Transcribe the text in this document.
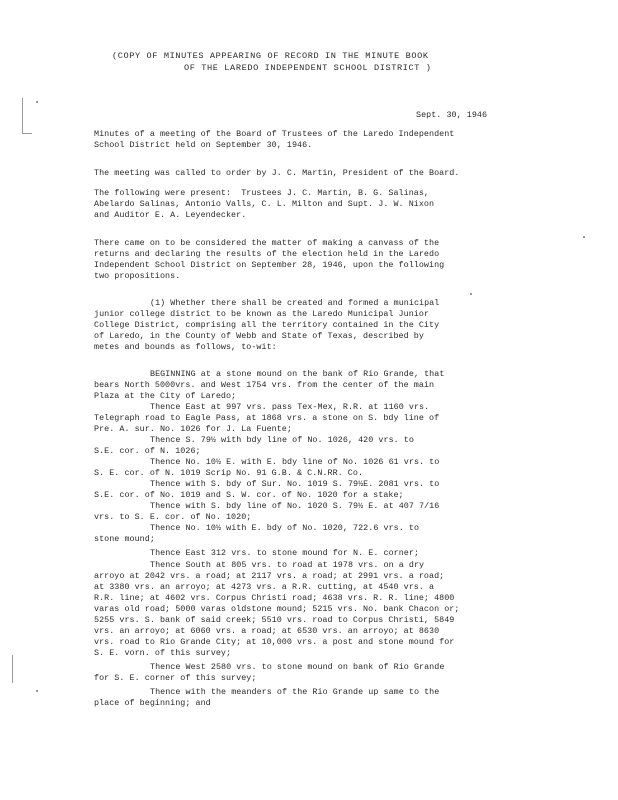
(COPY OF MINUTES APPEARING OF RECORD IN THE MINUTE BOOK
OF THE LAREDO INDEPENDENT SCHOOL DISTRICT )
Sept. 30, 1946
Minutes of a meeting of the Board of Trustees of the Laredo Independent
School District held on September 30, 1946.
The meeting was called to order by J. C. Martin, President of the Board.
The following were present:  Trustees J. C. Martin, B. G. Salinas,
Abelardo Salinas, Antonio Valls, C. L. Milton and Supt. J. W. Nixon
and Auditor E. A. Leyendecker.
There came on to be considered the matter of making a canvass of the
returns and declaring the results of the election held in the Laredo
Independent School District on September 28, 1946, upon the following
two propositions.
(1) Whether there shall be created and formed a municipal
junior college district to be known as the Laredo Municipal Junior
College District, comprising all the territory contained in the City
of Laredo, in the County of Webb and State of Texas, described by
metes and bounds as follows, to-wit:
BEGINNING at a stone mound on the bank of Rio Grande, that
bears North 5000vrs. and West 1754 vrs. from the center of the main
Plaza at the City of Laredo;
Thence East at 997 vrs. pass Tex-Mex, R.R. at 1160 vrs.
Telegraph road to Eagle Pass, at 1868 vrs. a stone on S. bdy line of
Pre. A. sur. No. 1026 for J. La Fuente;
Thence S. 79½ with bdy line of No. 1026, 420 vrs. to
S.E. cor. of N. 1026;
Thence No. 10½ E. with E. bdy line of No. 1026 61 vrs. to
S. E. cor. of N. 1019 Scrip No. 91 G.B. & C.N.RR. Co.
Thence with S. bdy of Sur. No. 1019 S. 79½E. 2081 vrs. to
S.E. cor. of No. 1019 and S. W. cor. of No. 1020 for a stake;
Thence with S. bdy line of No. 1020 S. 79½ E. at 407 7/16
vrs. to S. E. cor. of No. 1020;
Thence No. 10½ with E. bdy of No. 1020, 722.6 vrs. to
stone mound;
Thence East 312 vrs. to stone mound for N. E. corner;
Thence South at 805 vrs. to road at 1978 vrs. on a dry
arroyo at 2042 vrs. a road; at 2117 vrs. a road; at 2991 vrs. a road;
at 3380 vrs. an arroyo; at 4273 vrs. a R.R. cutting, at 4540 vrs. a
R.R. line; at 4602 vrs. Corpus Christi road; 4638 vrs. R. R. line; 4800
varas old road; 5000 varas oldstone mound; 5215 vrs. No. bank Chacon or;
5255 vrs. S. bank of said creek; 5510 vrs. road to Corpus Christi, 5849
vrs. an arroyo; at 6060 vrs. a road; at 6530 vrs. an arroyo; at 8630
vrs. road to Rio Grande City; at 10,000 vrs. a post and stone mound for
S. E. vorn. of this survey;
Thence West 2580 vrs. to stone mound on bank of Rio Grande
for S. E. corner of this survey;
Thence with the meanders of the Rio Grande up same to the
place of beginning; and
